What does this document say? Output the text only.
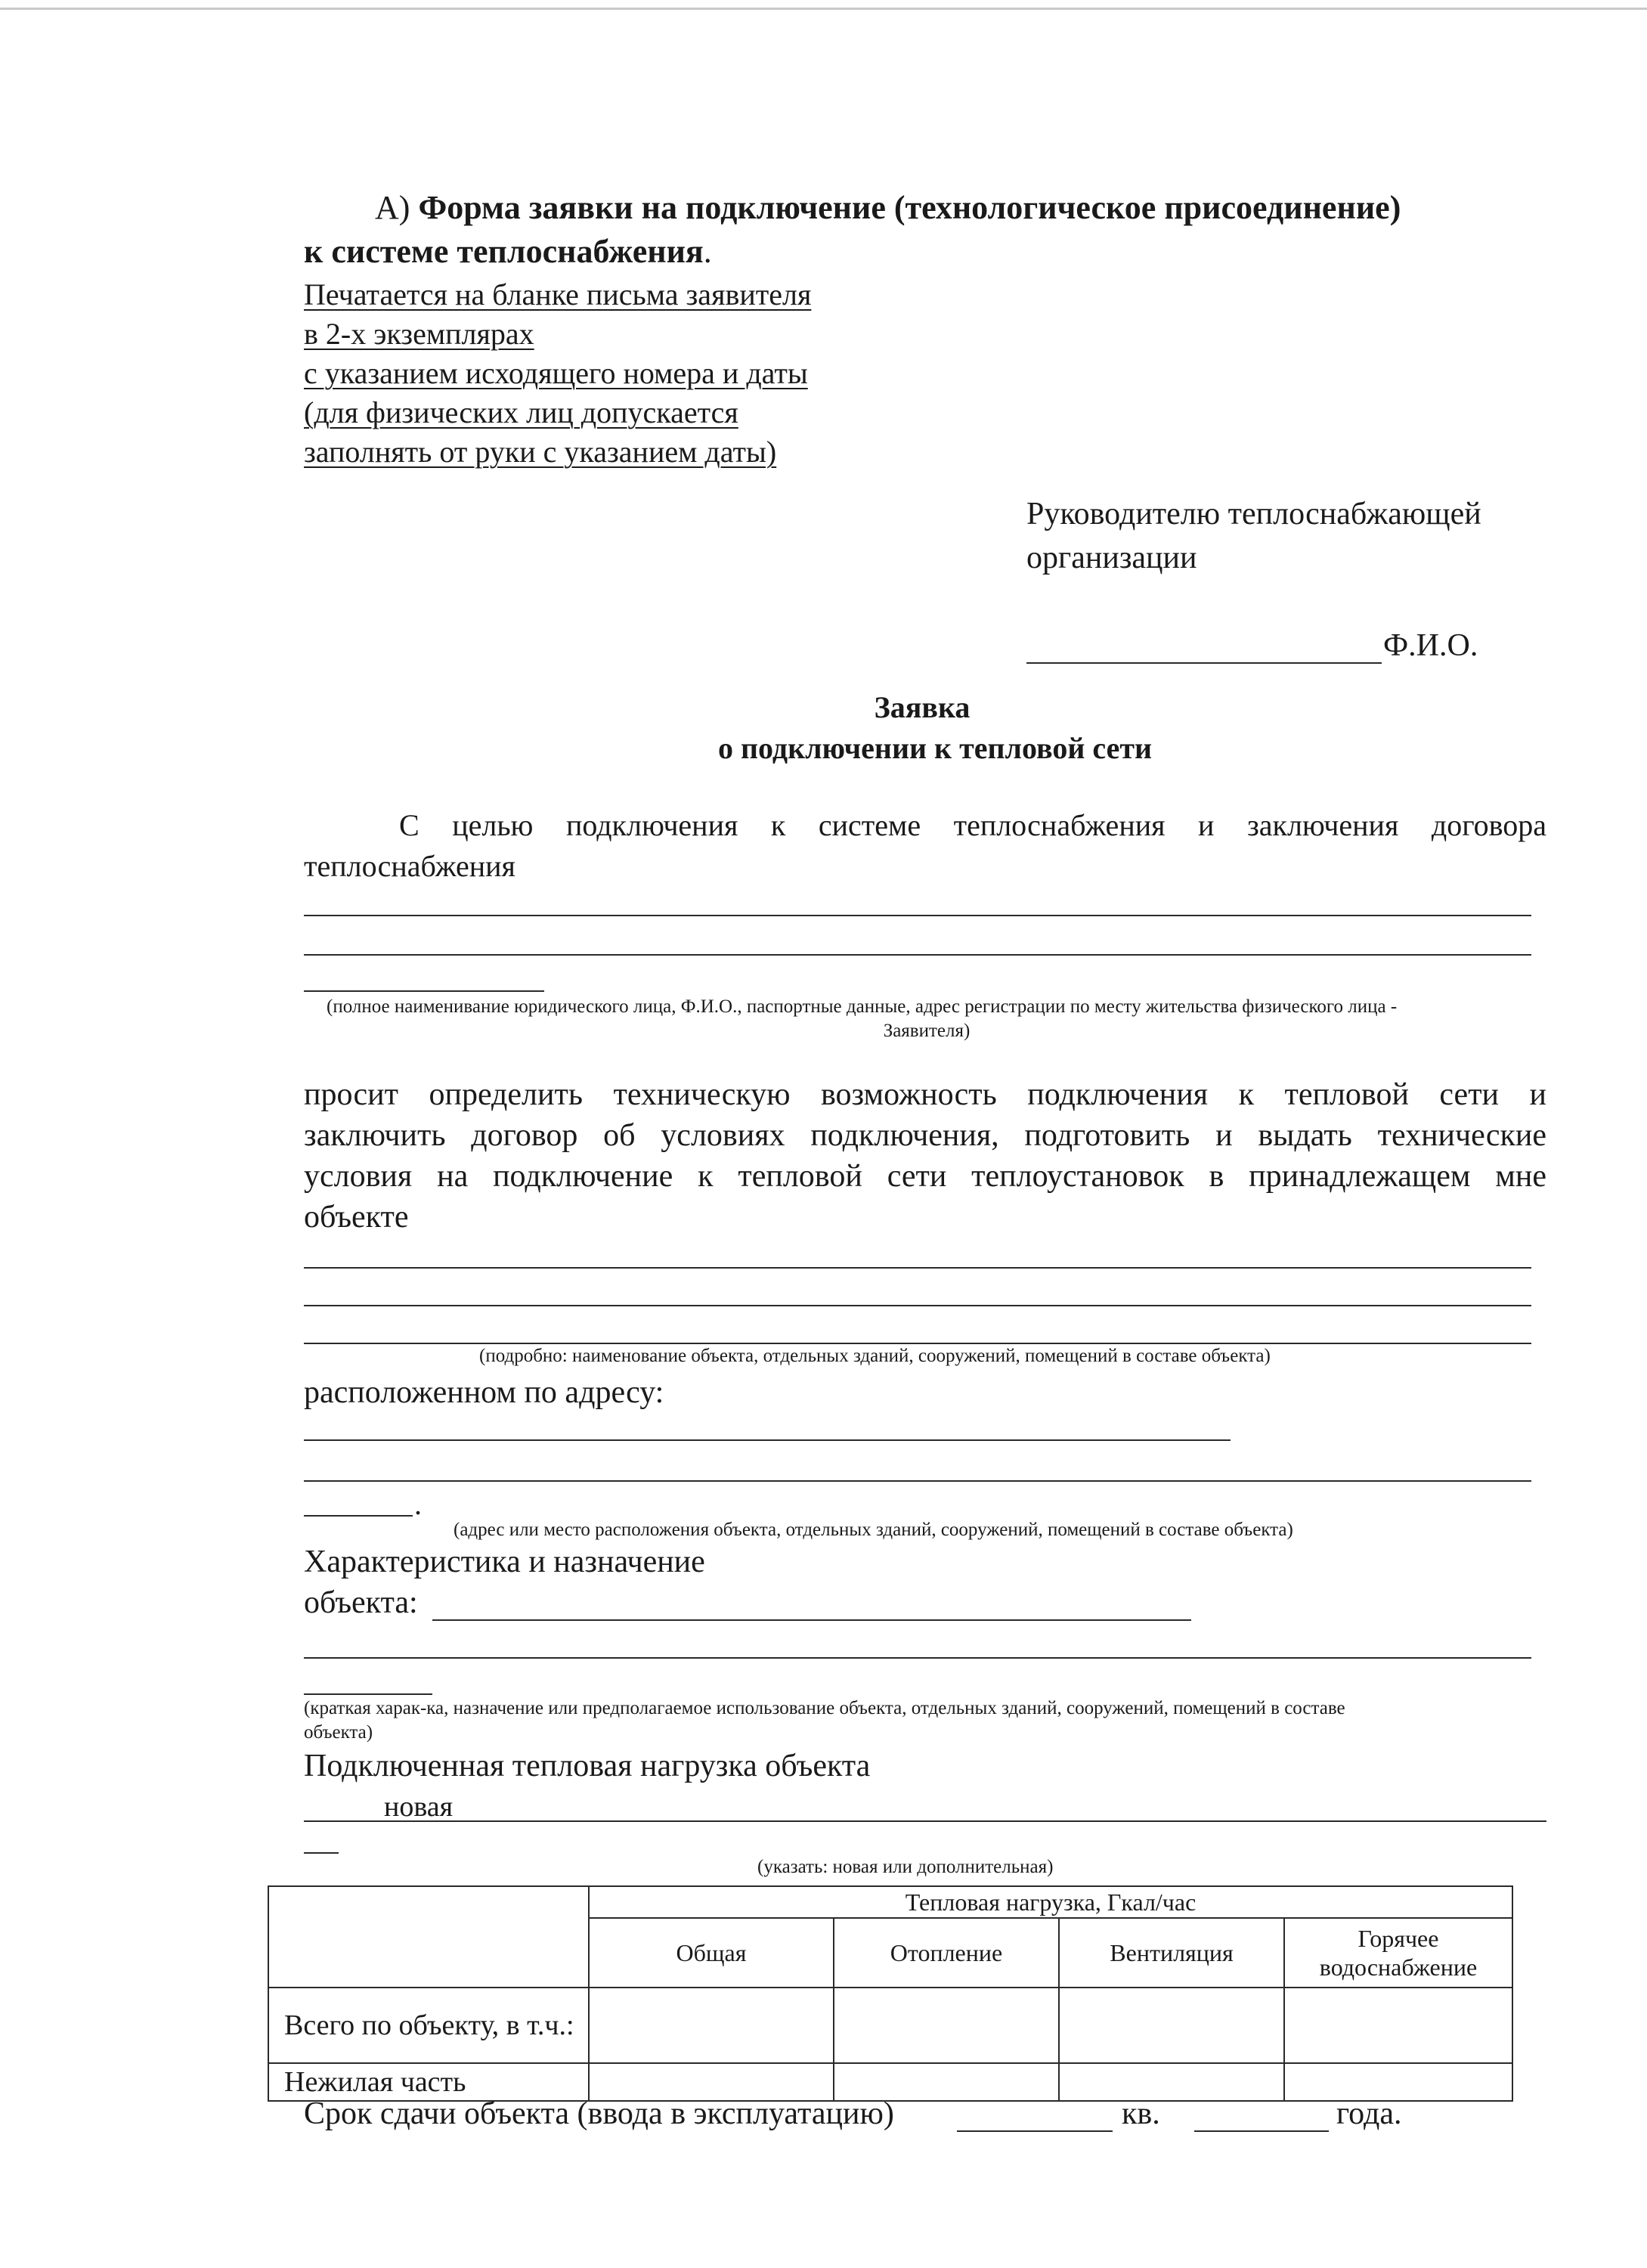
А) Форма заявки на подключение (технологическое присоединение)
к системе теплоснабжения.
Печатается на бланке письма заявителя
в 2-х экземплярах
с указанием исходящего номера и даты
(для физических лиц допускается
заполнять от руки с указанием даты)
Руководителю теплоснабжающей
организации
Ф.И.О.
Заявка
о подключении к тепловой сети
С целью подключения к системе теплоснабжения и заключения договора
теплоснабжения
(полное наименивание юридического лица, Ф.И.О., паспортные данные, адрес регистрации по месту жительства физического лица -
Заявителя)
просит определить техническую возможность подключения к тепловой сети и
заключить договор об условиях подключения, подготовить и выдать технические
условия на подключение к тепловой сети теплоустановок в принадлежащем мне
объекте
(подробно: наименование объекта, отдельных зданий, сооружений, помещений в составе объекта)
расположенном по адресу:
.
(адрес или место расположения объекта, отдельных зданий, сооружений, помещений в составе объекта)
Характеристика и назначение
объекта:
(краткая харак-ка, назначение или предполагаемое использование объекта, отдельных зданий, сооружений, помещений в составе
объекта)
Подключенная тепловая нагрузка объекта
новая
(указать: новая или дополнительная)
	Тепловая нагрузка, Гкал/час			
	Общая	Отопление	Вентиляция	Горячее водоснабжение
Всего по объекту, в т.ч.:				
Нежилая часть				
Срок сдачи объекта (ввода в эксплуатацию)	кв.	года.
